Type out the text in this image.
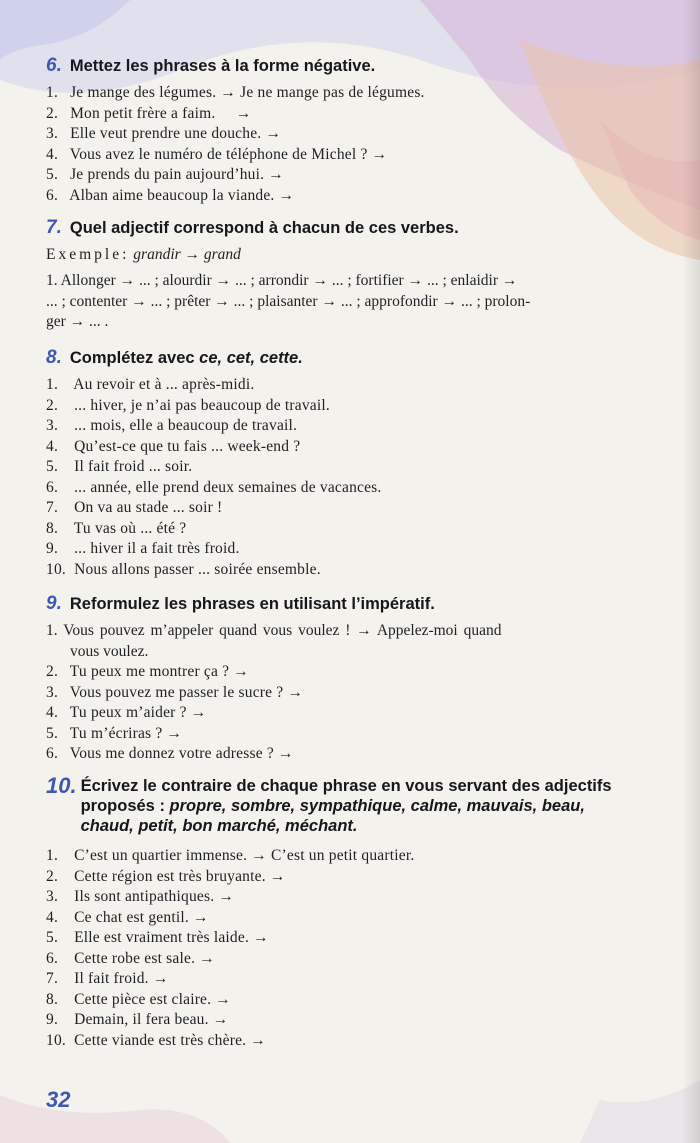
6. Mettez les phrases à la forme négative.
1. Je mange des légumes. → Je ne mange pas de légumes.
2. Mon petit frère a faim.     →
3. Elle veut prendre une douche. →
4. Vous avez le numéro de téléphone de Michel ? →
5. Je prends du pain aujourd’hui. →
6. Alban aime beaucoup la viande. →
7. Quel adjectif correspond à chacun de ces verbes.
Exemple: grandir → grand
1. Allonger → ... ; alourdir → ... ; arrondir → ... ; fortifier → ... ; enlaidir →
... ; contenter → ... ; prêter → ... ; plaisanter → ... ; approfondir → ... ; prolon-
ger → ... .
8. Complétez avec ce, cet, cette.
1. Au revoir et à ... après-midi.
2. ... hiver, je n’ai pas beaucoup de travail.
3. ... mois, elle a beaucoup de travail.
4. Qu’est-ce que tu fais ... week-end ?
5. Il fait froid ... soir.
6. ... année, elle prend deux semaines de vacances.
7. On va au stade ... soir !
8. Tu vas où ... été ?
9. ... hiver il a fait très froid.
10. Nous allons passer ... soirée ensemble.
9. Reformulez les phrases en utilisant l’impératif.
1. Vous pouvez m’appeler quand vous voulez ! → Appelez-moi quand
vous voulez.
2. Tu peux me montrer ça ? →
3. Vous pouvez me passer le sucre ? →
4. Tu peux m’aider ? →
5. Tu m’écriras ? →
6. Vous me donnez votre adresse ? →
10. Écrivez le contraire de chaque phrase en vous servant des adjectifs
proposés : propre, sombre, sympathique, calme, mauvais, beau,
chaud, petit, bon marché, méchant.
1. C’est un quartier immense. → C’est un petit quartier.
2. Cette région est très bruyante. →
3. Ils sont antipathiques. →
4. Ce chat est gentil. →
5. Elle est vraiment très laide. →
6. Cette robe est sale. →
7. Il fait froid. →
8. Cette pièce est claire. →
9. Demain, il fera beau. →
10. Cette viande est très chère. →
32
